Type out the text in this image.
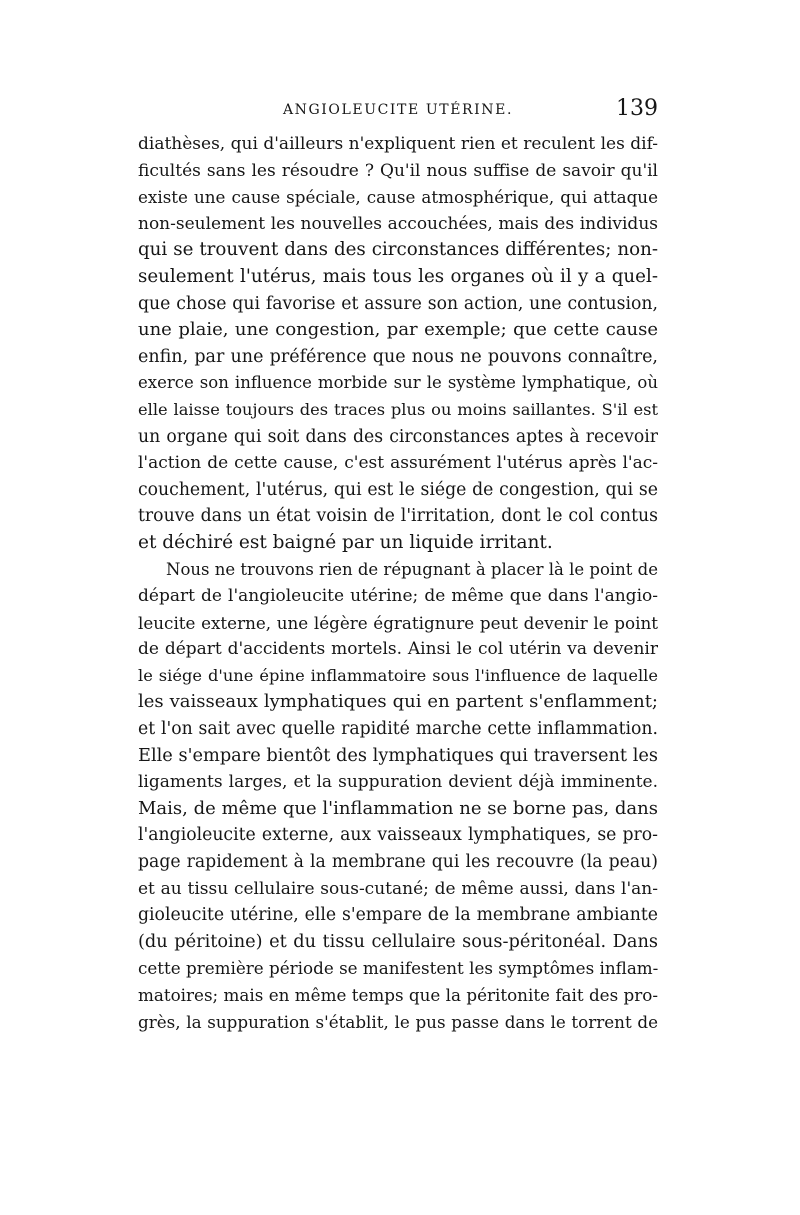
ANGIOLEUCITE UTÉRINE.	139
diathèses, qui d'ailleurs n'expliquent rien et reculent les dif-
ficultés sans les résoudre ? Qu'il nous suffise de savoir qu'il
existe une cause spéciale, cause atmosphérique, qui attaque
non-seulement les nouvelles accouchées, mais des individus
qui se trouvent dans des circonstances différentes; non-
seulement l'utérus, mais tous les organes où il y a quel-
que chose qui favorise et assure son action, une contusion,
une plaie, une congestion, par exemple; que cette cause
enfin, par une préférence que nous ne pouvons connaître,
exerce son influence morbide sur le système lymphatique, où
elle laisse toujours des traces plus ou moins saillantes. S'il est
un organe qui soit dans des circonstances aptes à recevoir
l'action de cette cause, c'est assurément l'utérus après l'ac-
couchement, l'utérus, qui est le siége de congestion, qui se
trouve dans un état voisin de l'irritation, dont le col contus
et déchiré est baigné par un liquide irritant.
Nous ne trouvons rien de répugnant à placer là le point de
départ de l'angioleucite utérine; de même que dans l'angio-
leucite externe, une légère égratignure peut devenir le point
de départ d'accidents mortels. Ainsi le col utérin va devenir
le siége d'une épine inflammatoire sous l'influence de laquelle
les vaisseaux lymphatiques qui en partent s'enflamment;
et l'on sait avec quelle rapidité marche cette inflammation.
Elle s'empare bientôt des lymphatiques qui traversent les
ligaments larges, et la suppuration devient déjà imminente.
Mais, de même que l'inflammation ne se borne pas, dans
l'angioleucite externe, aux vaisseaux lymphatiques, se pro-
page rapidement à la membrane qui les recouvre (la peau)
et au tissu cellulaire sous-cutané; de même aussi, dans l'an-
gioleucite utérine, elle s'empare de la membrane ambiante
(du péritoine) et du tissu cellulaire sous-péritonéal. Dans
cette première période se manifestent les symptômes inflam-
matoires; mais en même temps que la péritonite fait des pro-
grès, la suppuration s'établit, le pus passe dans le torrent de
